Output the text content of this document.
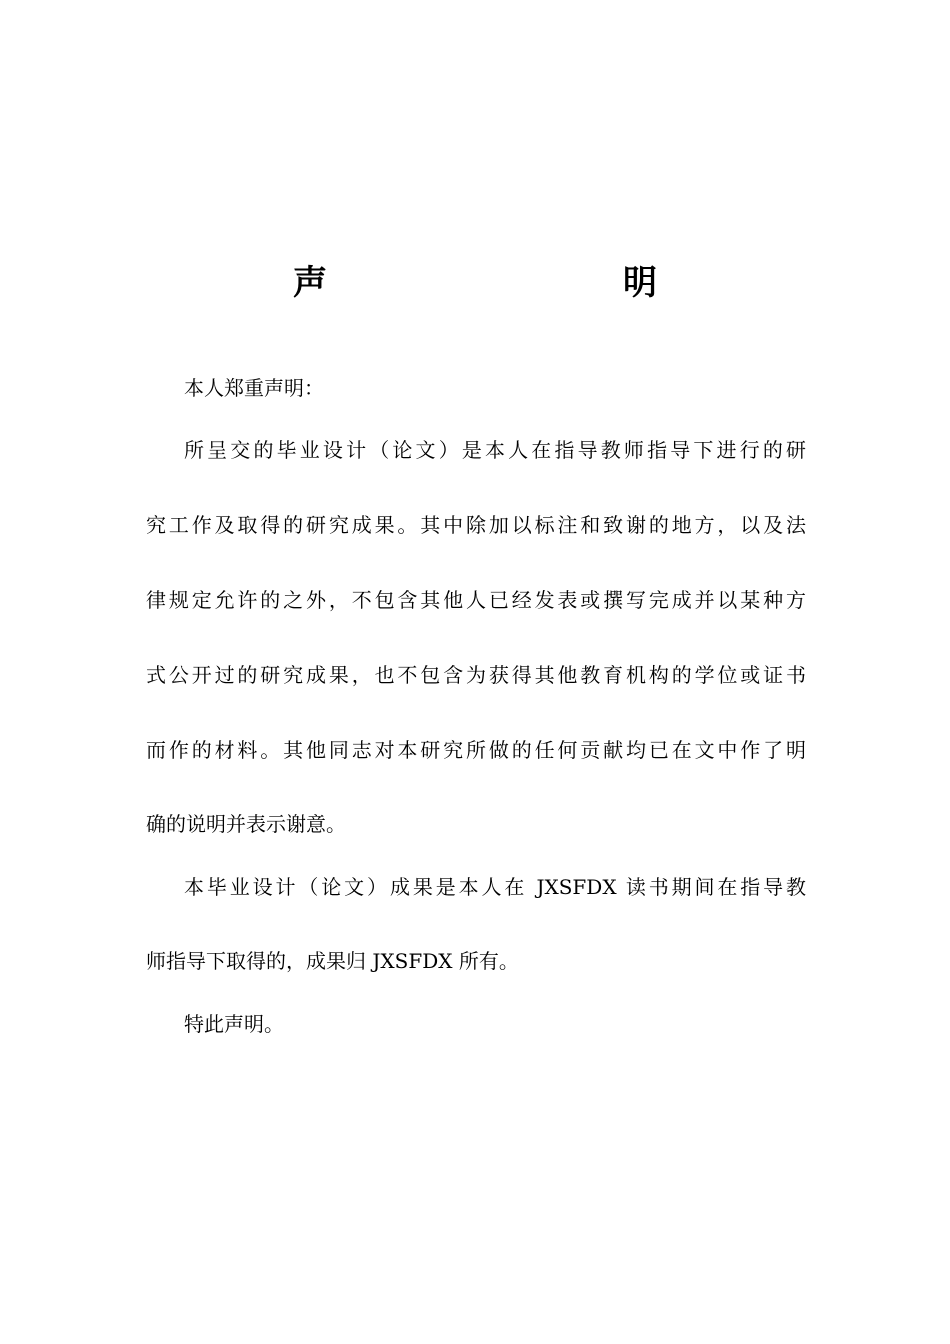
声　　明
本人郑重声明：
所呈交的毕业设计（论文）是本人在指导教师指导下进行的研
究工作及取得的研究成果。其中除加以标注和致谢的地方，以及法
律规定允许的之外，不包含其他人已经发表或撰写完成并以某种方
式公开过的研究成果，也不包含为获得其他教育机构的学位或证书
而作的材料。其他同志对本研究所做的任何贡献均已在文中作了明
确的说明并表示谢意。
本毕业设计（论文）成果是本人在 JXSFDX 读书期间在指导教
师指导下取得的，成果归 JXSFDX 所有。
特此声明。
